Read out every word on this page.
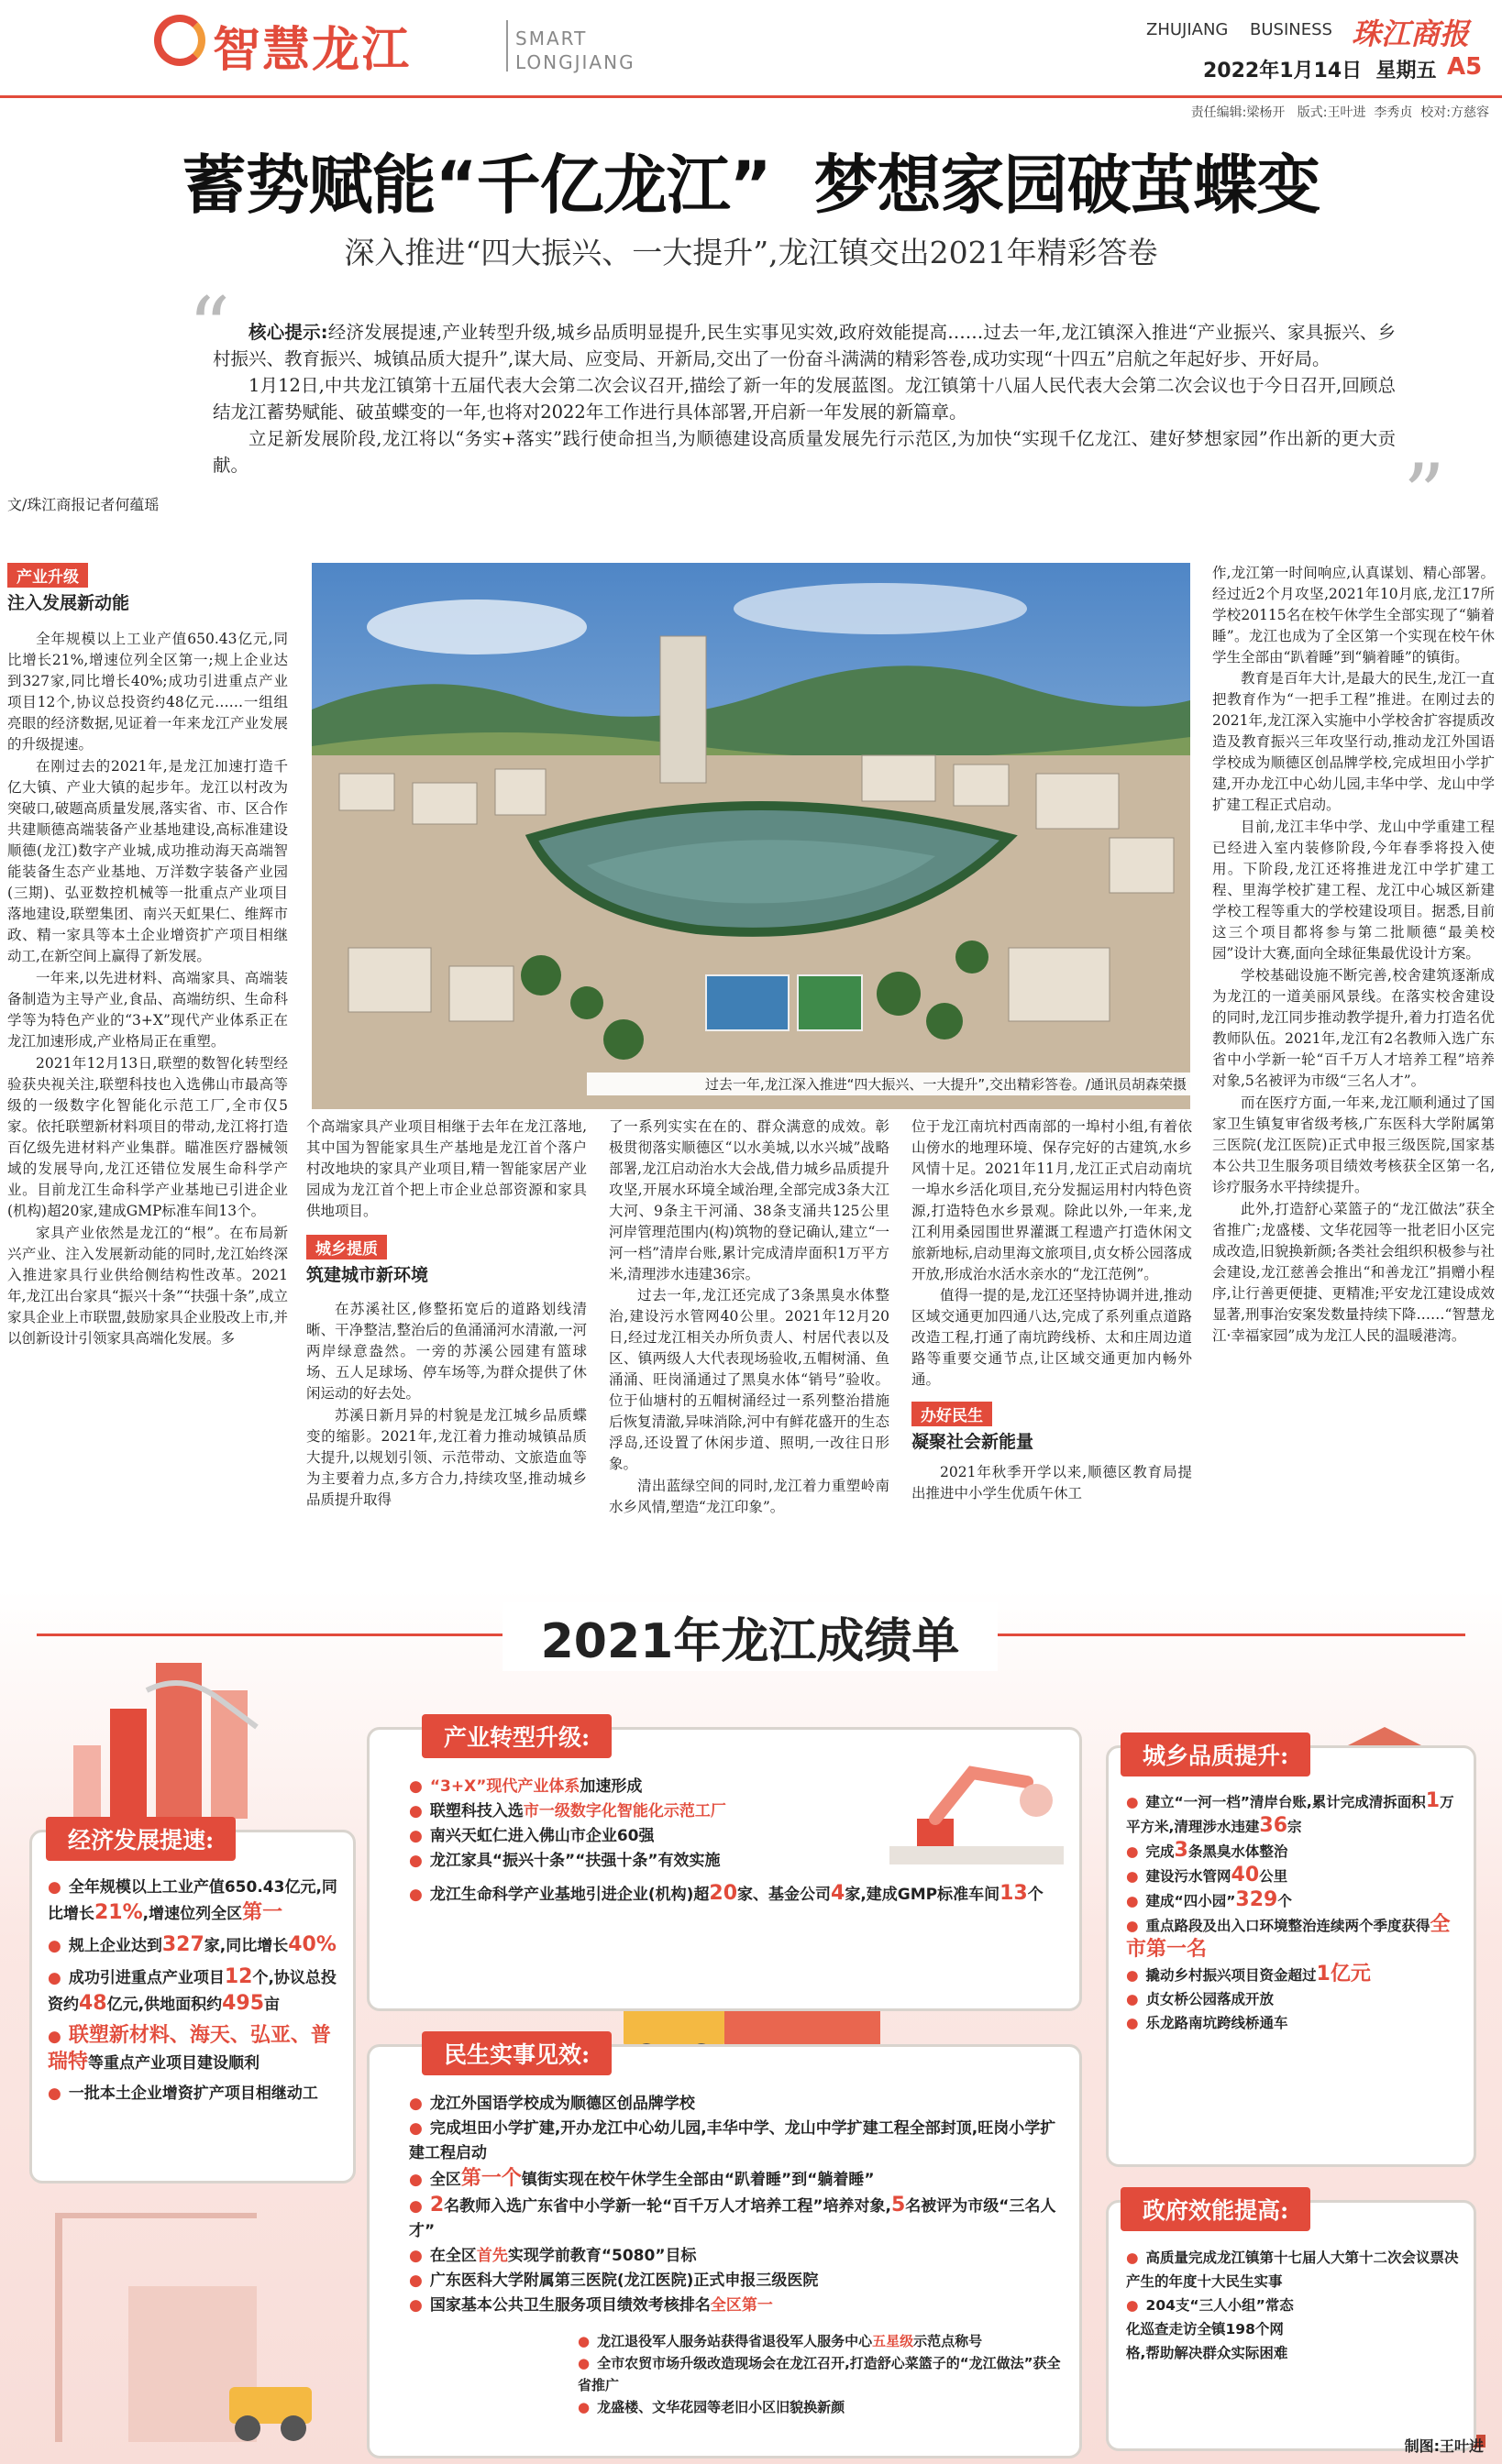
智慧龙江	SMART
LONGJIANG
ZHUJIANG BUSINESS 珠江商报
2022年1月14日  星期五 A5
责任编辑:梁杨开   版式:王叶进  李秀贞  校对:方慈容
蓄势赋能“千亿龙江”  梦想家园破茧蝶变
深入推进“四大振兴、一大提升”,龙江镇交出2021年精彩答卷
“
”
核心提示:经济发展提速,产业转型升级,城乡品质明显提升,民生实事见实效,政府效能提高……过去一年,龙江镇深入推进“产业振兴、家具振兴、乡村振兴、教育振兴、城镇品质大提升”,谋大局、应变局、开新局,交出了一份奋斗满满的精彩答卷,成功实现“十四五”启航之年起好步、开好局。
1月12日,中共龙江镇第十五届代表大会第二次会议召开,描绘了新一年的发展蓝图。龙江镇第十八届人民代表大会第二次会议也于今日召开,回顾总结龙江蓄势赋能、破茧蝶变的一年,也将对2022年工作进行具体部署,开启新一年发展的新篇章。
立足新发展阶段,龙江将以“务实+落实”践行使命担当,为顺德建设高质量发展先行示范区,为加快“实现千亿龙江、建好梦想家园”作出新的更大贡献。
文/珠江商报记者何蕴瑶
产业升级
注入发展新动能

全年规模以上工业产值650.43亿元,同比增长21%,增速位列全区第一;规上企业达到327家,同比增长40%;成功引进重点产业项目12个,协议总投资约48亿元……一组组亮眼的经济数据,见证着一年来龙江产业发展的升级提速。

在刚过去的2021年,是龙江加速打造千亿大镇、产业大镇的起步年。龙江以村改为突破口,破题高质量发展,落实省、市、区合作共建顺德高端装备产业基地建设,高标准建设顺德(龙江)数字产业城,成功推动海天高端智能装备生态产业基地、万洋数字装备产业园(三期)、弘亚数控机械等一批重点产业项目落地建设,联塑集团、南兴天虹果仁、维辉市政、精一家具等本土企业增资扩产项目相继动工,在新空间上赢得了新发展。

一年来,以先进材料、高端家具、高端装备制造为主导产业,食品、高端纺织、生命科学等为特色产业的“3+X”现代产业体系正在龙江加速形成,产业格局正在重塑。

2021年12月13日,联塑的数智化转型经验获央视关注,联塑科技也入选佛山市最高等级的一级数字化智能化示范工厂,全市仅5家。依托联塑新材料项目的带动,龙江将打造百亿级先进材料产业集群。瞄准医疗器械领域的发展导向,龙江还错位发展生命科学产业。目前龙江生命科学产业基地已引进企业(机构)超20家,建成GMP标准车间13个。

家具产业依然是龙江的“根”。在布局新兴产业、注入发展新动能的同时,龙江始终深入推进家具行业供给侧结构性改革。2021年,龙江出台家具“振兴十条”“扶强十条”,成立家具企业上市联盟,鼓励家具企业股改上市,并以创新设计引领家具高端化发展。多

过去一年,龙江深入推进“四大振兴、一大提升”,交出精彩答卷。/通讯员胡森荣摄
作,龙江第一时间响应,认真谋划、精心部署。经过近2个月攻坚,2021年10月底,龙江17所学校20115名在校午休学生全部实现了“躺着睡”。龙江也成为了全区第一个实现在校午休学生全部由“趴着睡”到“躺着睡”的镇街。

教育是百年大计,是最大的民生,龙江一直把教育作为“一把手工程”推进。在刚过去的2021年,龙江深入实施中小学校舍扩容提质改造及教育振兴三年攻坚行动,推动龙江外国语学校成为顺德区创品牌学校,完成坦田小学扩建,开办龙江中心幼儿园,丰华中学、龙山中学扩建工程正式启动。

目前,龙江丰华中学、龙山中学重建工程已经进入室内装修阶段,今年春季将投入使用。下阶段,龙江还将推进龙江中学扩建工程、里海学校扩建工程、龙江中心城区新建学校工程等重大的学校建设项目。据悉,目前这三个项目都将参与第二批顺德“最美校园”设计大赛,面向全球征集最优设计方案。

学校基础设施不断完善,校舍建筑逐渐成为龙江的一道美丽风景线。在落实校舍建设的同时,龙江同步推动教学提升,着力打造名优教师队伍。2021年,龙江有2名教师入选广东省中小学新一轮“百千万人才培养工程”培养对象,5名被评为市级“三名人才”。

而在医疗方面,一年来,龙江顺利通过了国家卫生镇复审省级考核,广东医科大学附属第三医院(龙江医院)正式申报三级医院,国家基本公共卫生服务项目绩效考核获全区第一名,诊疗服务水平持续提升。

此外,打造舒心菜篮子的“龙江做法”获全省推广;龙盛楼、文华花园等一批老旧小区完成改造,旧貌换新颜;各类社会组织积极参与社会建设,龙江慈善会推出“和善龙江”捐赠小程序,让行善更便捷、更精准;平安龙江建设成效显著,刑事治安案发数量持续下降……“智慧龙江·幸福家园”成为龙江人民的温暖港湾。

个高端家具产业项目相继于去年在龙江落地,其中国为智能家具生产基地是龙江首个落户村改地块的家具产业项目,精一智能家居产业园成为龙江首个把上市企业总部资源和家具供地项目。
城乡提质
筑建城市新环境

在苏溪社区,修整拓宽后的道路划线清晰、干净整洁,整治后的鱼涌涌河水清澈,一河两岸绿意盎然。一旁的苏溪公园建有篮球场、五人足球场、停车场等,为群众提供了休闲运动的好去处。

苏溪日新月异的村貌是龙江城乡品质蝶变的缩影。2021年,龙江着力推动城镇品质大提升,以规划引领、示范带动、文旅造血等为主要着力点,多方合力,持续攻坚,推动城乡品质提升取得

了一系列实实在在的、群众满意的成效。彰极贯彻落实顺德区“以水美城,以水兴城”战略部署,龙江启动治水大会战,借力城乡品质提升攻坚,开展水环境全域治理,全部完成3条大江大河、9条主干河涌、38条支涌共125公里河岸管理范围内(构)筑物的登记确认,建立“一河一档”清岸台账,累计完成清岸面积1万平方米,清理涉水违建36宗。

过去一年,龙江还完成了3条黑臭水体整治,建设污水管网40公里。2021年12月20日,经过龙江相关办所负责人、村居代表以及区、镇两级人大代表现场验收,五帽树涌、鱼涌涌、旺岗涌通过了黑臭水体“销号”验收。位于仙塘村的五帽树涌经过一系列整治措施后恢复清澈,异味消除,河中有鲜花盛开的生态浮岛,还设置了休闲步道、照明,一改往日形象。

清出蓝绿空间的同时,龙江着力重塑岭南水乡风情,塑造“龙江印象”。

位于龙江南坑村西南部的一埠村小组,有着依山傍水的地理环境、保存完好的古建筑,水乡风情十足。2021年11月,龙江正式启动南坑一埠水乡活化项目,充分发掘运用村内特色资源,打造特色水乡景观。除此以外,一年来,龙江利用桑园围世界灌溉工程遗产打造休闲文旅新地标,启动里海文旅项目,贞女桥公园落成开放,形成治水活水亲水的“龙江范例”。

值得一提的是,龙江还坚持协调并进,推动区域交通更加四通八达,完成了系列重点道路改造工程,打通了南坑跨线桥、太和庄周边道路等重要交通节点,让区域交通更加内畅外通。

办好民生
凝聚社会新能量

2021年秋季开学以来,顺德区教育局提出推进中小学生优质午休工

2021年龙江成绩单
经济发展提速:
● 全年规模以上工业产值650.43亿元,同比增长21%,增速位列全区第一
● 规上企业达到327家,同比增长40%
● 成功引进重点产业项目12个,协议总投资约48亿元,供地面积约495亩
● 联塑新材料、海天、弘亚、普瑞特等重点产业项目建设顺利
● 一批本土企业增资扩产项目相继动工
产业转型升级:
● “3+X”现代产业体系加速形成
● 联塑科技入选市一级数字化智能化示范工厂
● 南兴天虹仁进入佛山市企业60强
● 龙江家具“振兴十条”“扶强十条”有效实施
● 龙江生命科学产业基地引进企业(机构)超20家、基金公司4家,建成GMP标准车间13个
民生实事见效:
● 龙江外国语学校成为顺德区创品牌学校
● 完成坦田小学扩建,开办龙江中心幼儿园,丰华中学、龙山中学扩建工程全部封顶,旺岗小学扩建工程启动
● 全区第一个镇街实现在校午休学生全部由“趴着睡”到“躺着睡”
● 2名教师入选广东省中小学新一轮“百千万人才培养工程”培养对象,5名被评为市级“三名人才”
● 在全区首先实现学前教育“5080”目标
● 广东医科大学附属第三医院(龙江医院)正式申报三级医院
● 国家基本公共卫生服务项目绩效考核排名全区第一
● 龙江退役军人服务站获得省退役军人服务中心五星级示范点称号
● 全市农贸市场升级改造现场会在龙江召开,打造舒心菜篮子的“龙江做法”获全省推广
● 龙盛楼、文华花园等老旧小区旧貌换新颜
城乡品质提升:
● 建立“一河一档”清岸台账,累计完成清拆面积1万平方米,清理涉水违建36宗
● 完成3条黑臭水体整治
● 建设污水管网40公里
● 建成“四小园”329个
● 重点路段及出入口环境整治连续两个季度获得全市第一名
● 撬动乡村振兴项目资金超过1亿元
● 贞女桥公园落成开放
● 乐龙路南坑跨线桥通车
政府效能提高:
● 高质量完成龙江镇第十七届人大第十二次会议票决产生的年度十大民生实事
● 204支“三人小组”常态化巡查走访全镇198个网格,帮助解决群众实际困难
制图:王叶进
